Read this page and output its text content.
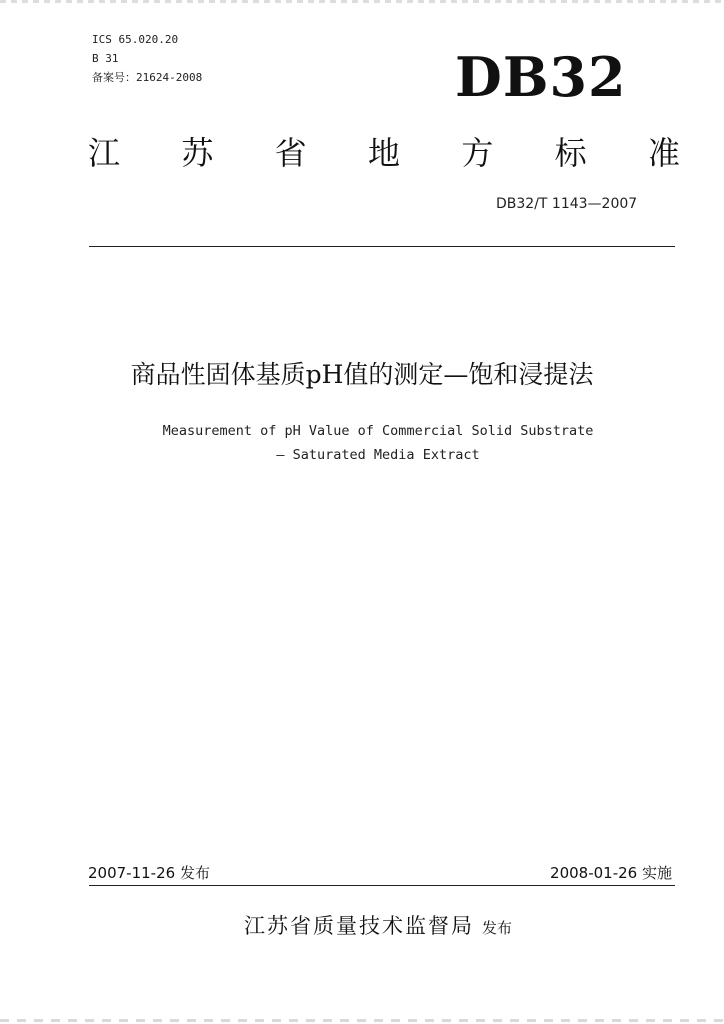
ICS 65.020.20
B 31
备案号：21624-2008	DB32
江 苏 省 地 方 标 准
DB32/T 1143—2007
商品性固体基质pH值的测定—饱和浸提法
Measurement of pH Value of Commercial Solid Substrate
— Saturated Media Extract
2007-11-26 发布	2008-01-26 实施
江苏省质量技术监督局 发布
